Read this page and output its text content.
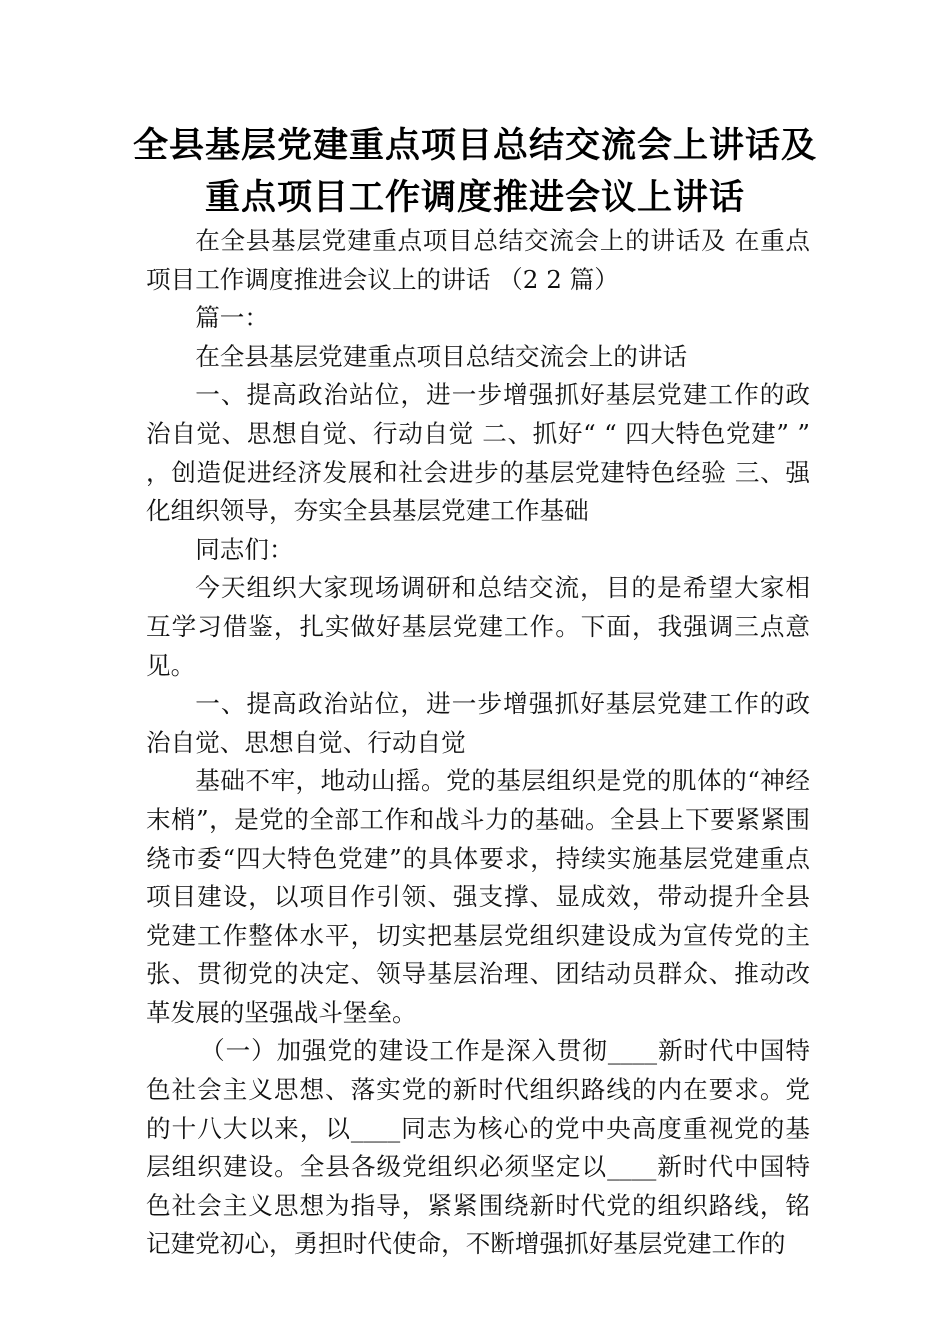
全县基层党建重点项目总结交流会上讲话及
重点项目工作调度推进会议上讲话

在全县基层党建重点项目总结交流会上的讲话及 在重点项目工作调度推进会议上的讲话 （2 2 篇）

篇一：

在全县基层党建重点项目总结交流会上的讲话

一、提高政治站位，进一步增强抓好基层党建工作的政治自觉、思想自觉、行动自觉 二、抓好“ “ 四大特色党建” ” ，创造促进经济发展和社会进步的基层党建特色经验 三、强化组织领导，夯实全县基层党建工作基础

同志们：

今天组织大家现场调研和总结交流，目的是希望大家相互学习借鉴，扎实做好基层党建工作。下面，我强调三点意见。

一、提高政治站位，进一步增强抓好基层党建工作的政治自觉、思想自觉、行动自觉

基础不牢，地动山摇。党的基层组织是党的肌体的“神经末梢”，是党的全部工作和战斗力的基础。全县上下要紧紧围绕市委“四大特色党建”的具体要求，持续实施基层党建重点项目建设，以项目作引领、强支撑、显成效，带动提升全县党建工作整体水平，切实把基层党组织建设成为宣传党的主张、贯彻党的决定、领导基层治理、团结动员群众、推动改革发展的坚强战斗堡垒。

（一）加强党的建设工作是深入贯彻____新时代中国特色社会主义思想、落实党的新时代组织路线的内在要求。党的十八大以来，以____同志为核心的党中央高度重视党的基层组织建设。全县各级党组织必须坚定以____新时代中国特色社会主义思想为指导，紧紧围绕新时代党的组织路线，铭记建党初心，勇担时代使命，不断增强抓好基层党建工作的
